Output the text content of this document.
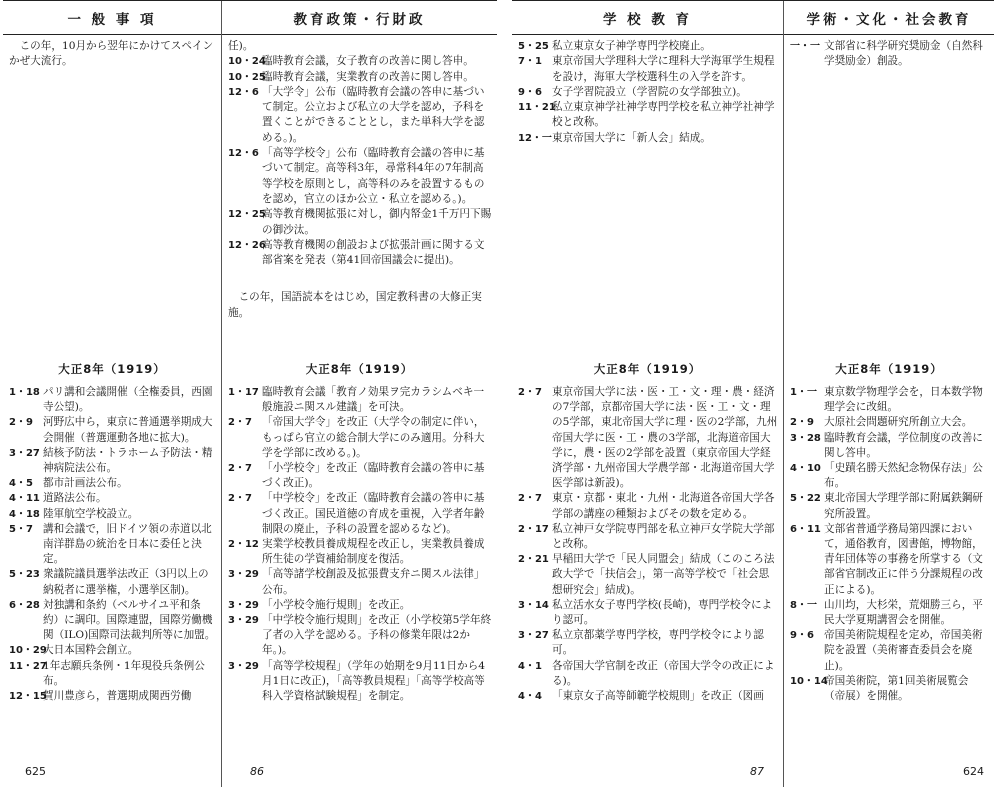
一 般 事 項
この年，10月から翌年にかけてスペインかぜ大流行。
大正8年（1919）
1・18 パリ講和会議開催（全権委員，西園寺公望)。
2・9 河野広中ら，東京に普通選挙期成大会開催（普選運動各地に拡大)。
3・27 結核予防法・トラホーム予防法・精神病院法公布。
4・5 都市計画法公布。
4・11 道路法公布。
4・18 陸軍航空学校設立。
5・7 講和会議で，旧ドイツ領の赤道以北南洋群島の統治を日本に委任と決定。
5・23 衆議院議員選挙法改正（3円以上の納税者に選挙権，小選挙区制)。
6・28 対独講和条約（ベルサイユ平和条約）に調印。国際連盟，国際労働機関（ILO)国際司法裁判所等に加盟。
10・29
大日本国粋会創立。
11・27
1年志願兵条例・1年現役兵条例公布。
12・15
賀川豊彦ら，普選期成関西労働
教育政策・行財政
任)。
10・24
臨時教育会議，女子教育の改善に関し答申。
10・25
臨時教育会議，実業教育の改善に関し答申。
12・6 「大学令」公布（臨時教育会議の答申に基づいて制定。公立および私立の大学を認め，予科を置くことができることとし，また単科大学を認める。)。
12・6 「高等学校令」公布（臨時教育会議の答申に基づいて制定。高等科3年，尋常科4年の7年制高等学校を原則とし，高等科のみを設置するものを認め，官立のほか公立・私立を認める。)。
12・25
高等教育機関拡張に対し，御内帑金1千万円下賜の御沙汰。
12・26
高等教育機関の創設および拡張計画に関する文部省案を発表（第41回帝国議会に提出)。
この年，国語読本をはじめ，国定教科書の大修正実施。
大正8年（1919）
1・17 臨時教育会議「教育ノ効果ヲ完カラシムベキ一般施設ニ関スル建議」を可決。
2・7 「帝国大学令」を改正（大学令の制定に伴い，もっぱら官立の総合制大学にのみ適用。分科大学を学部に改める。)。
2・7 「小学校令」を改正（臨時教育会議の答申に基づく改正)。
2・7 「中学校令」を改正（臨時教育会議の答申に基づく改正。国民道徳の育成を重視，入学者年齢制限の廃止，予科の設置を認めるなど)。
2・12 実業学校教員養成規程を改正し，実業教員養成所生徒の学資補給制度を復活。
3・29 「高等諸学校創設及拡張費支弁ニ関スル法律」公布。
3・29 「小学校令施行規則」を改正。
3・29 「中学校令施行規則」を改正（小学校第5学年終了者の入学を認める。予科の修業年限は2か年。)。
3・29 「高等学校規程」（学年の始期を9月11日から4月1日に改正)，「高等教員規程」「高等学校高等科入学資格試験規程」を制定。
625	86
学 校 教 育
5・25 私立東京女子神学専門学校廃止。
7・1 東京帝国大学理科大学に理科大学海軍学生規程を設け，海軍大学校選科生の入学を許す。
9・6 女子学習院設立（学習院の女学部独立)。
11・21
私立東京神学社神学専門学校を私立神学社神学校と改称。
12・一 東京帝国大学に「新人会」結成。
大正8年（1919）
2・7 東京帝国大学に法・医・工・文・理・農・経済の7学部，京都帝国大学に法・医・工・文・理の5学部，東北帝国大学に理・医の2学部，九州帝国大学に医・工・農の3学部，北海道帝国大学に，農・医の2学部を設置（東京帝国大学経済学部・九州帝国大学農学部・北海道帝国大学医学部は新設)。
2・7 東京・京都・東北・九州・北海道各帝国大学各学部の講座の種類およびその数を定める。
2・17 私立神戸女学院専門部を私立神戸女学院大学部と改称。
2・21 早稲田大学で「民人同盟会」結成（このころ法政大学で「扶信会」，第一高等学校で「社会思想研究会」結成)。
3・14 私立活水女子専門学校(長崎)，専門学校令により認可。
3・27 私立京都薬学専門学校，専門学校令により認可。
4・1 各帝国大学官制を改正（帝国大学令の改正による)。
4・4 「東京女子高等師範学校規則」を改正（図画
学術・文化・社会教育
一・一 文部省に科学研究奨励金（自然科学奨励金）創設。
大正8年（1919）
1・一 東京数学物理学会を，日本数学物理学会に改組。
2・9 大原社会問題研究所創立大会。
3・28 臨時教育会議，学位制度の改善に関し答申。
4・10 「史蹟名勝天然紀念物保存法」公布。
5・22 東北帝国大学理学部に附属鉄鋼研究所設置。
6・11 文部省普通学務局第四課において，通俗教育，図書館，博物館，青年団体等の事務を所掌する（文部省官制改正に伴う分課規程の改正による)。
8・一 山川均，大杉栄，荒畑勝三ら，平民大学夏期講習会を開催。
9・6 帝国美術院規程を定め，帝国美術院を設置（美術審査委員会を廃止)。
10・14
帝国美術院，第1回美術展覧会（帝展）を開催。
87	624
